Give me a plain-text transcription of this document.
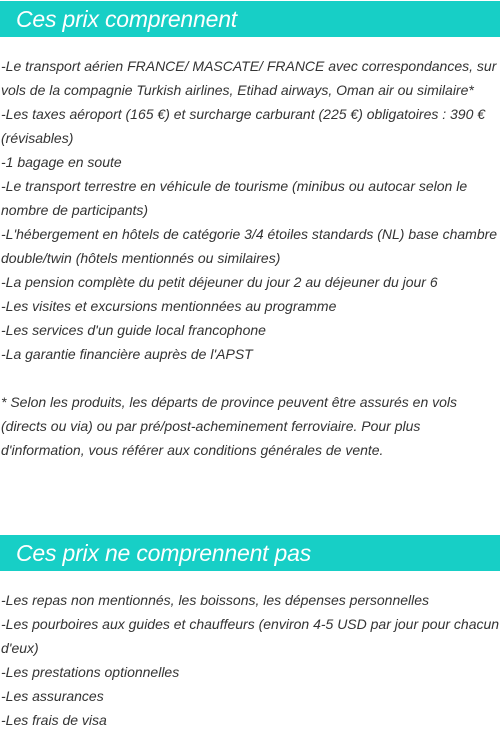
Ces prix comprennent
-Le transport aérien FRANCE/ MASCATE/ FRANCE avec correspondances, sur vols de la compagnie Turkish airlines, Etihad airways, Oman air ou similaire*
-Les taxes aéroport (165 €) et surcharge carburant (225 €) obligatoires : 390 € (révisables)
-1 bagage en soute
-Le transport terrestre en véhicule de tourisme (minibus ou autocar selon le nombre de participants)
-L'hébergement en hôtels de catégorie 3/4 étoiles standards (NL) base chambre double/twin (hôtels mentionnés ou similaires)
-La pension complète du petit déjeuner du jour 2 au déjeuner du jour 6
-Les visites et excursions mentionnées au programme
-Les services d'un guide local francophone
-La garantie financière auprès de l'APST

* Selon les produits, les départs de province peuvent être assurés en vols (directs ou via) ou par pré/post-acheminement ferroviaire. Pour plus d'information, vous référer aux conditions générales de vente.

Ces prix ne comprennent pas
-Les repas non mentionnés, les boissons, les dépenses personnelles
-Les pourboires aux guides et chauffeurs (environ 4-5 USD par jour pour chacun d'eux)
-Les prestations optionnelles
-Les assurances
-Les frais de visa
